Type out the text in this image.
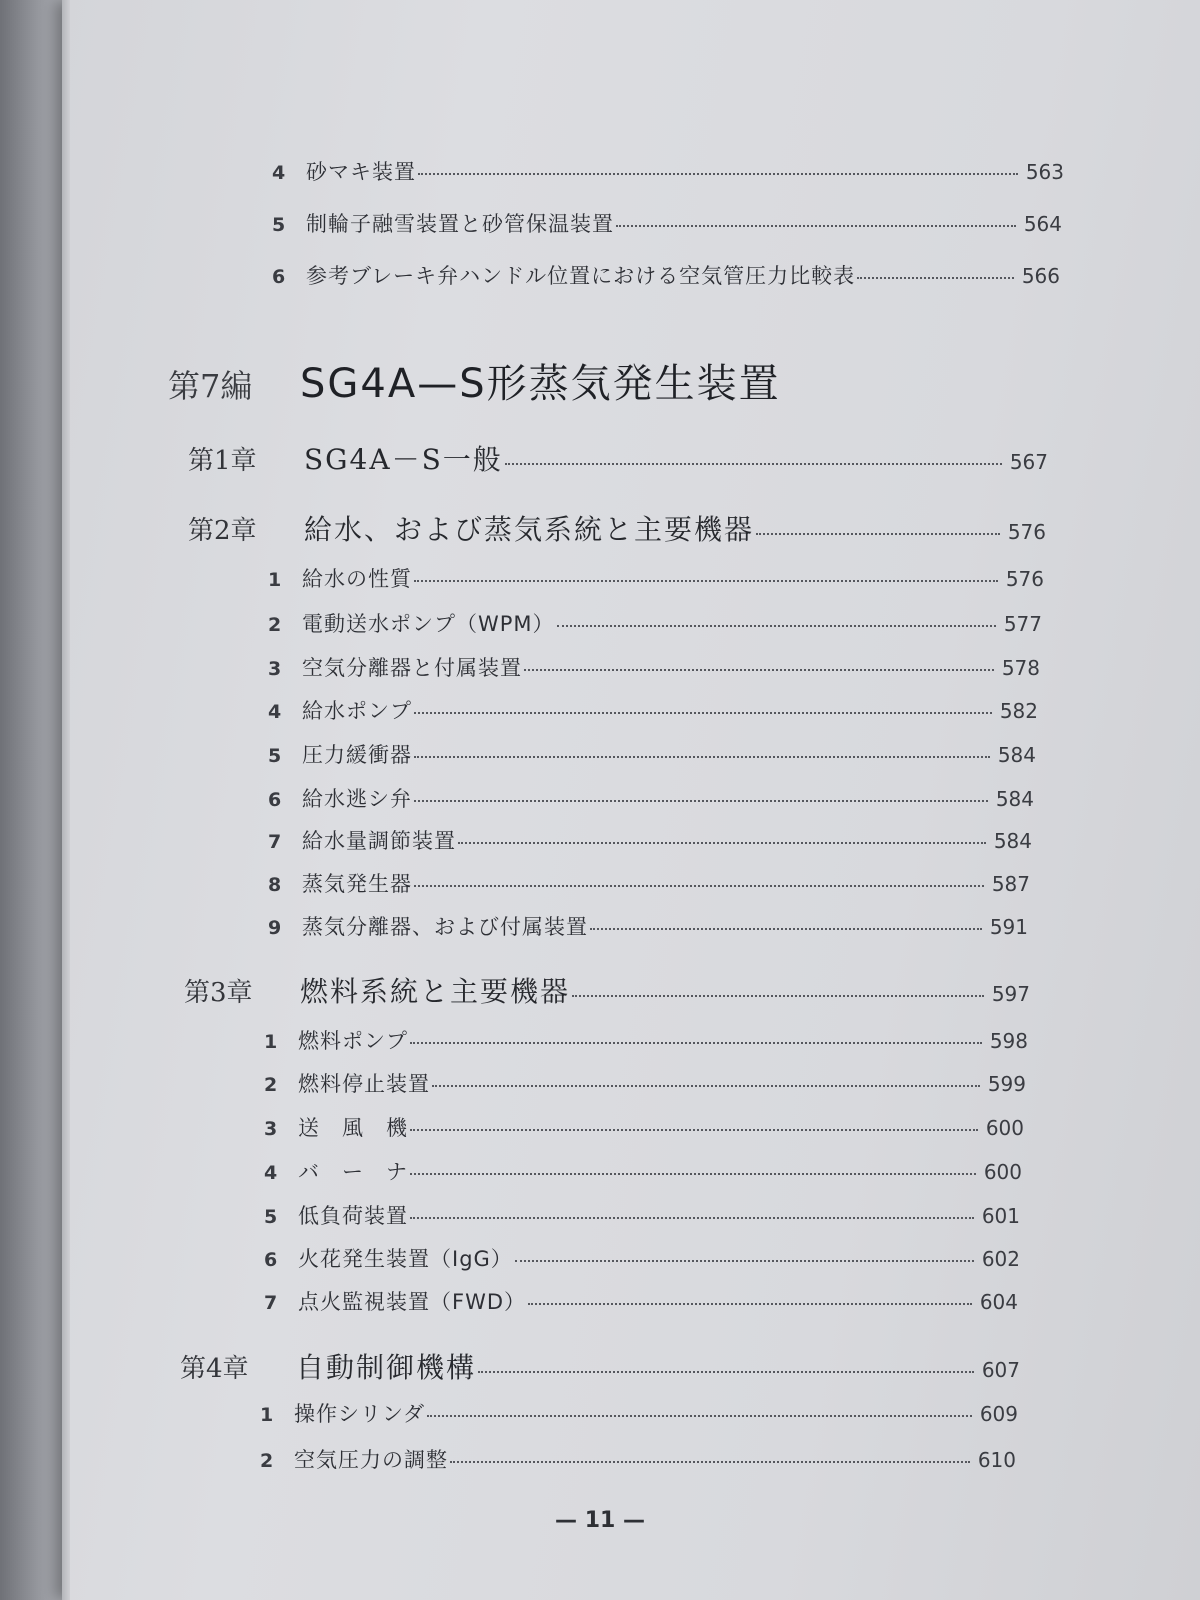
4 砂マキ装置	563
5 制輪子融雪装置と砂管保温装置	564
6 参考ブレーキ弁ハンドル位置における空気管圧力比較表	566
第7編	SG4A—S形蒸気発生装置
第1章	SG4A－S一般	567
第2章	給水、および蒸気系統と主要機器	576
1 給水の性質	576
2 電動送水ポンプ（WPM）	577
3 空気分離器と付属装置	578
4 給水ポンプ	582
5 圧力緩衝器	584
6 給水逃シ弁	584
7 給水量調節装置	584
8 蒸気発生器	587
9 蒸気分離器、および付属装置	591
第3章	燃料系統と主要機器	597
1 燃料ポンプ	598
2 燃料停止装置	599
3 送　風　機	600
4 バ　ー　ナ	600
5 低負荷装置	601
6 火花発生装置（IgG）	602
7 点火監視装置（FWD）	604
第4章	自動制御機構	607
1 操作シリンダ	609
2 空気圧力の調整	610
— 11 —
